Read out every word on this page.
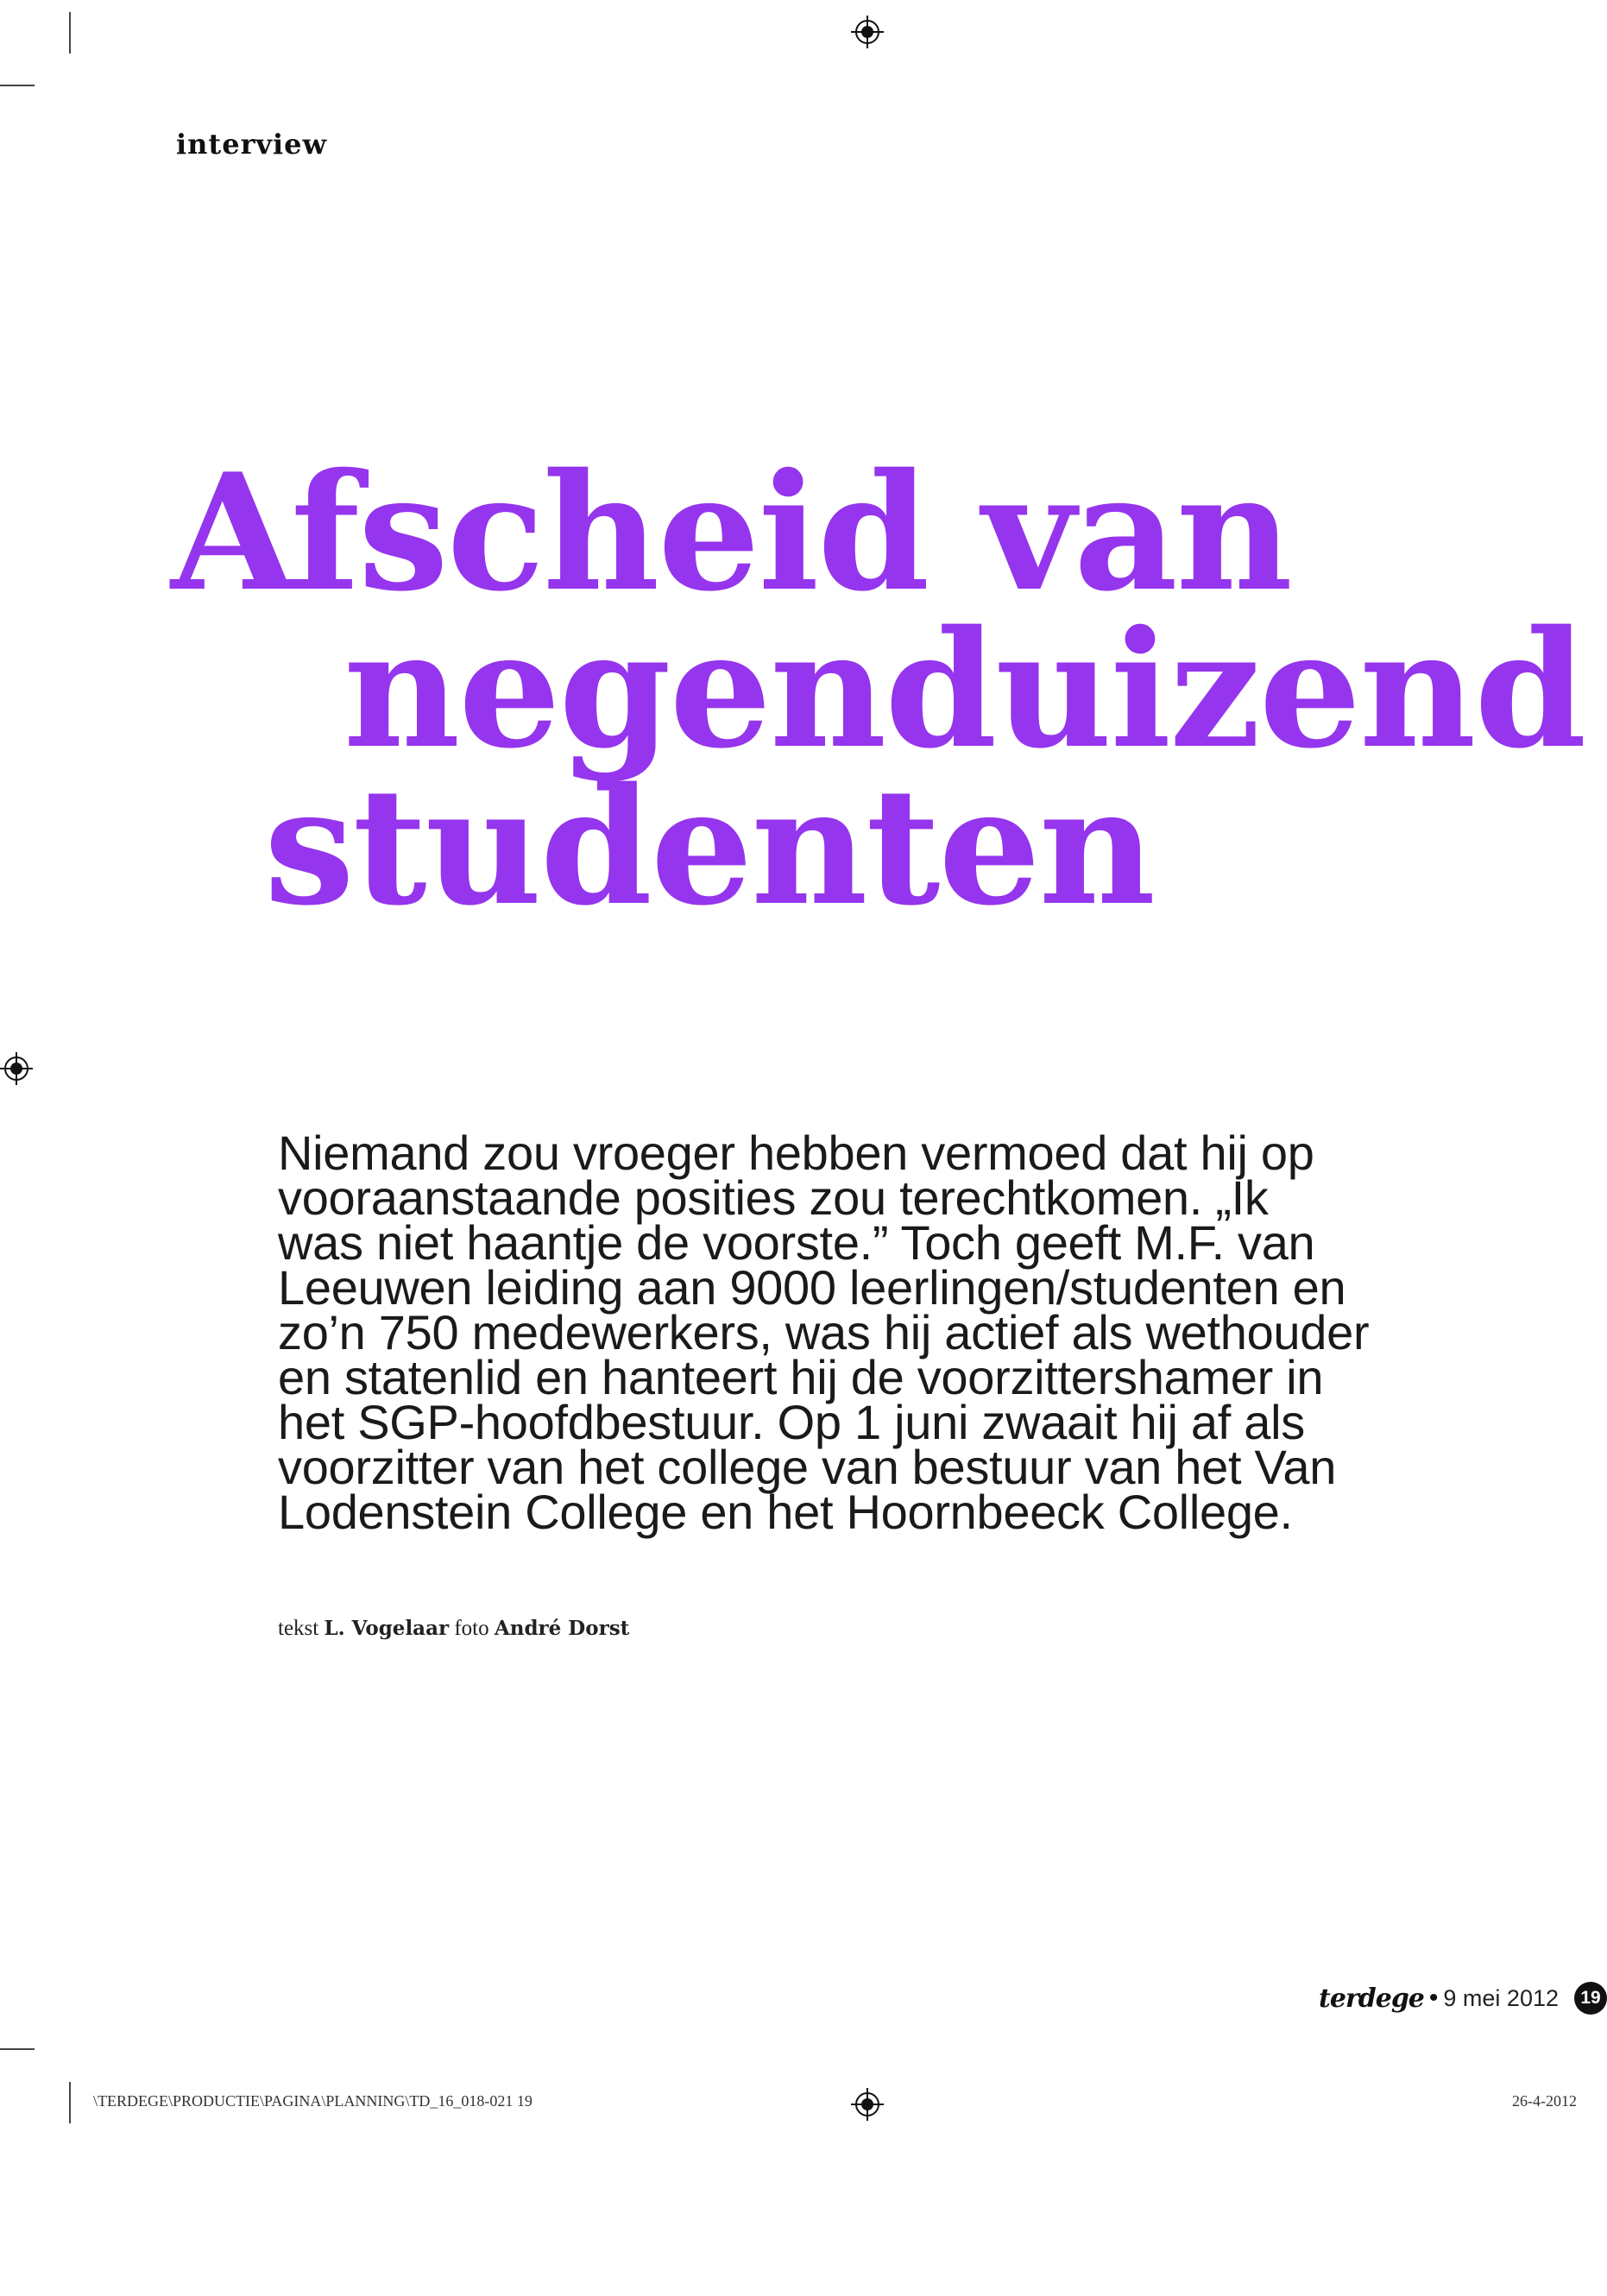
interview
Afscheid van
negenduizend
studenten
Niemand zou vroeger hebben vermoed dat hij op
vooraanstaande posities zou terechtkomen. „Ik
was niet haantje de voorste.” Toch geeft M.F. van
Leeuwen leiding aan 9000 leerlingen/studenten en
zo’n 750 medewerkers, was hij actief als wethouder
en statenlid en hanteert hij de voorzittershamer in
het SGP-hoofdbestuur. Op 1 juni zwaait hij af als
voorzitter van het college van bestuur van het Van
Lodenstein College en het Hoornbeeck College.
tekst L. Vogelaar foto André Dorst
terdege • 9 mei 2012	19
\TERDEGE\PRODUCTIE\PAGINA\PLANNING\TD_16_018-021 19	26-4-2012
